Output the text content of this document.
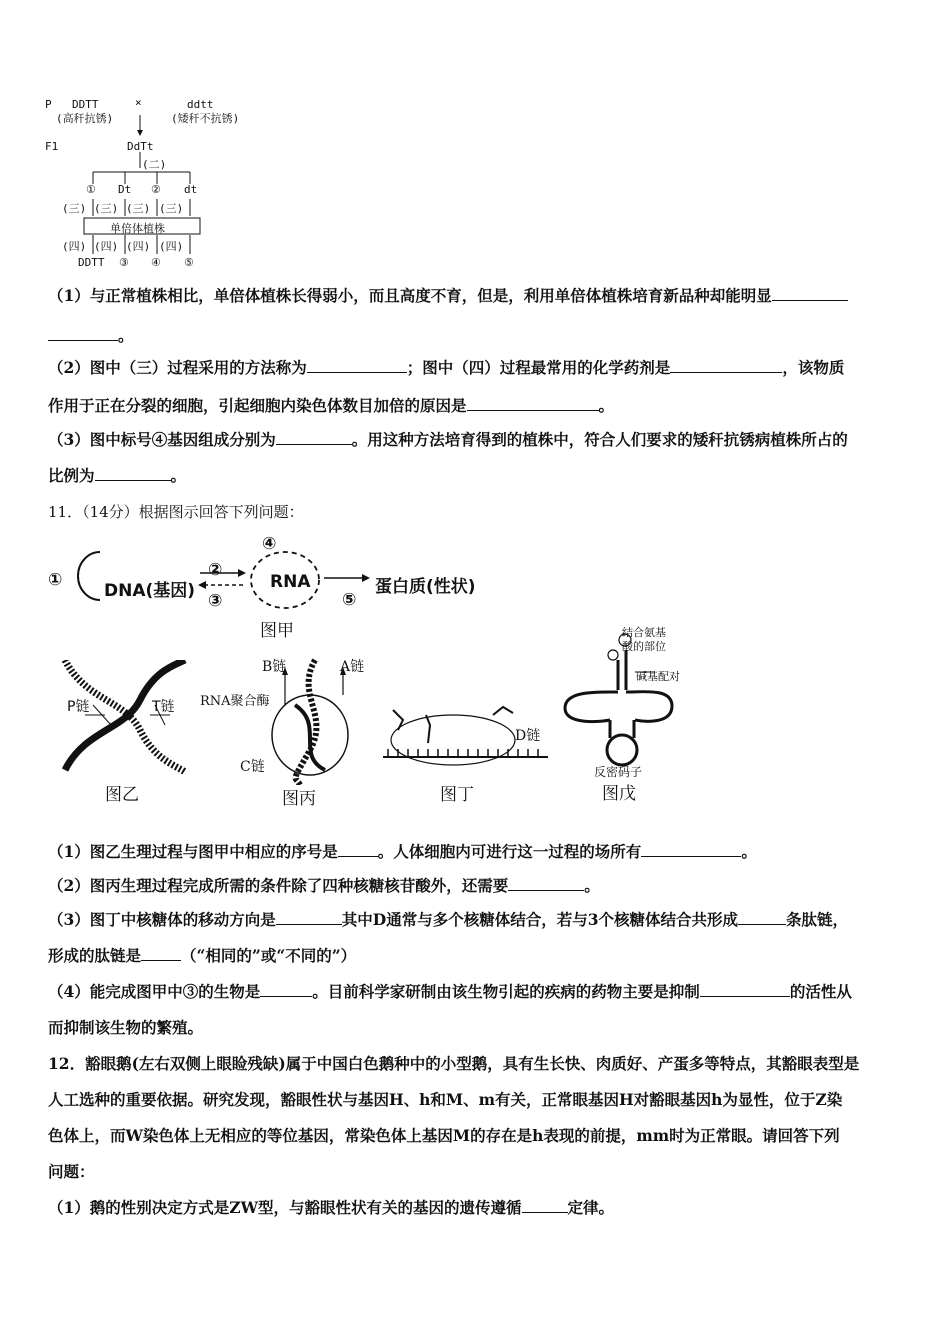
P DDTT	×	ddtt
(高秆抗锈)	(矮秆不抗锈)
F1	DdTt
(二)
① Dt ② dt
(三) (三) (三) (三)
单倍体植株
(四) (四) (四) (四)
DDTT ③ ④ ⑤
（1）与正常植株相比，单倍体植株长得弱小，而且高度不育，但是，利用单倍体植株培育新品种却能明显
。
（2）图中（三）过程采用的方法称为	；图中（四）过程最常用的化学药剂是	，该物质
作用于正在分裂的细胞，引起细胞内染色体数目加倍的原因是	。
（3）图中标号④基因组成分别为	。用这种方法培育得到的植株中，符合人们要求的矮秆抗锈病植株所占的
比例为	。
11．（14分）根据图示回答下列问题：
①
DNA(基因)
②
③
④
RNA	蛋白质(性状)
⑤
图甲
P链	T链
图乙
B链	A链
RNA聚合酶
C链
图丙
D链
图丁
结合氨基
酸的部位
碱基配对
反密码子
图戊
（1）图乙生理过程与图甲中相应的序号是	。人体细胞内可进行这一过程的场所有	。
（2）图丙生理过程完成所需的条件除了四种核糖核苷酸外，还需要	。
（3）图丁中核糖体的移动方向是	其中D通常与多个核糖体结合，若与3个核糖体结合共形成	条肽链，
形成的肽链是	（“相同的”或“不同的”）
（4）能完成图甲中③的生物是	。目前科学家研制由该生物引起的疾病的药物主要是抑制	的活性从
而抑制该生物的繁殖。
12．豁眼鹅(左右双侧上眼睑残缺)属于中国白色鹅种中的小型鹅，具有生长快、肉质好、产蛋多等特点，其豁眼表型是
人工选种的重要依据。研究发现，豁眼性状与基因H、h和M、m有关，正常眼基因H对豁眼基因h为显性，位于Z染
色体上，而W染色体上无相应的等位基因，常染色体上基因M的存在是h表现的前提，mm时为正常眼。请回答下列
问题：
（1）鹅的性别决定方式是ZW型，与豁眼性状有关的基因的遗传遵循	定律。
